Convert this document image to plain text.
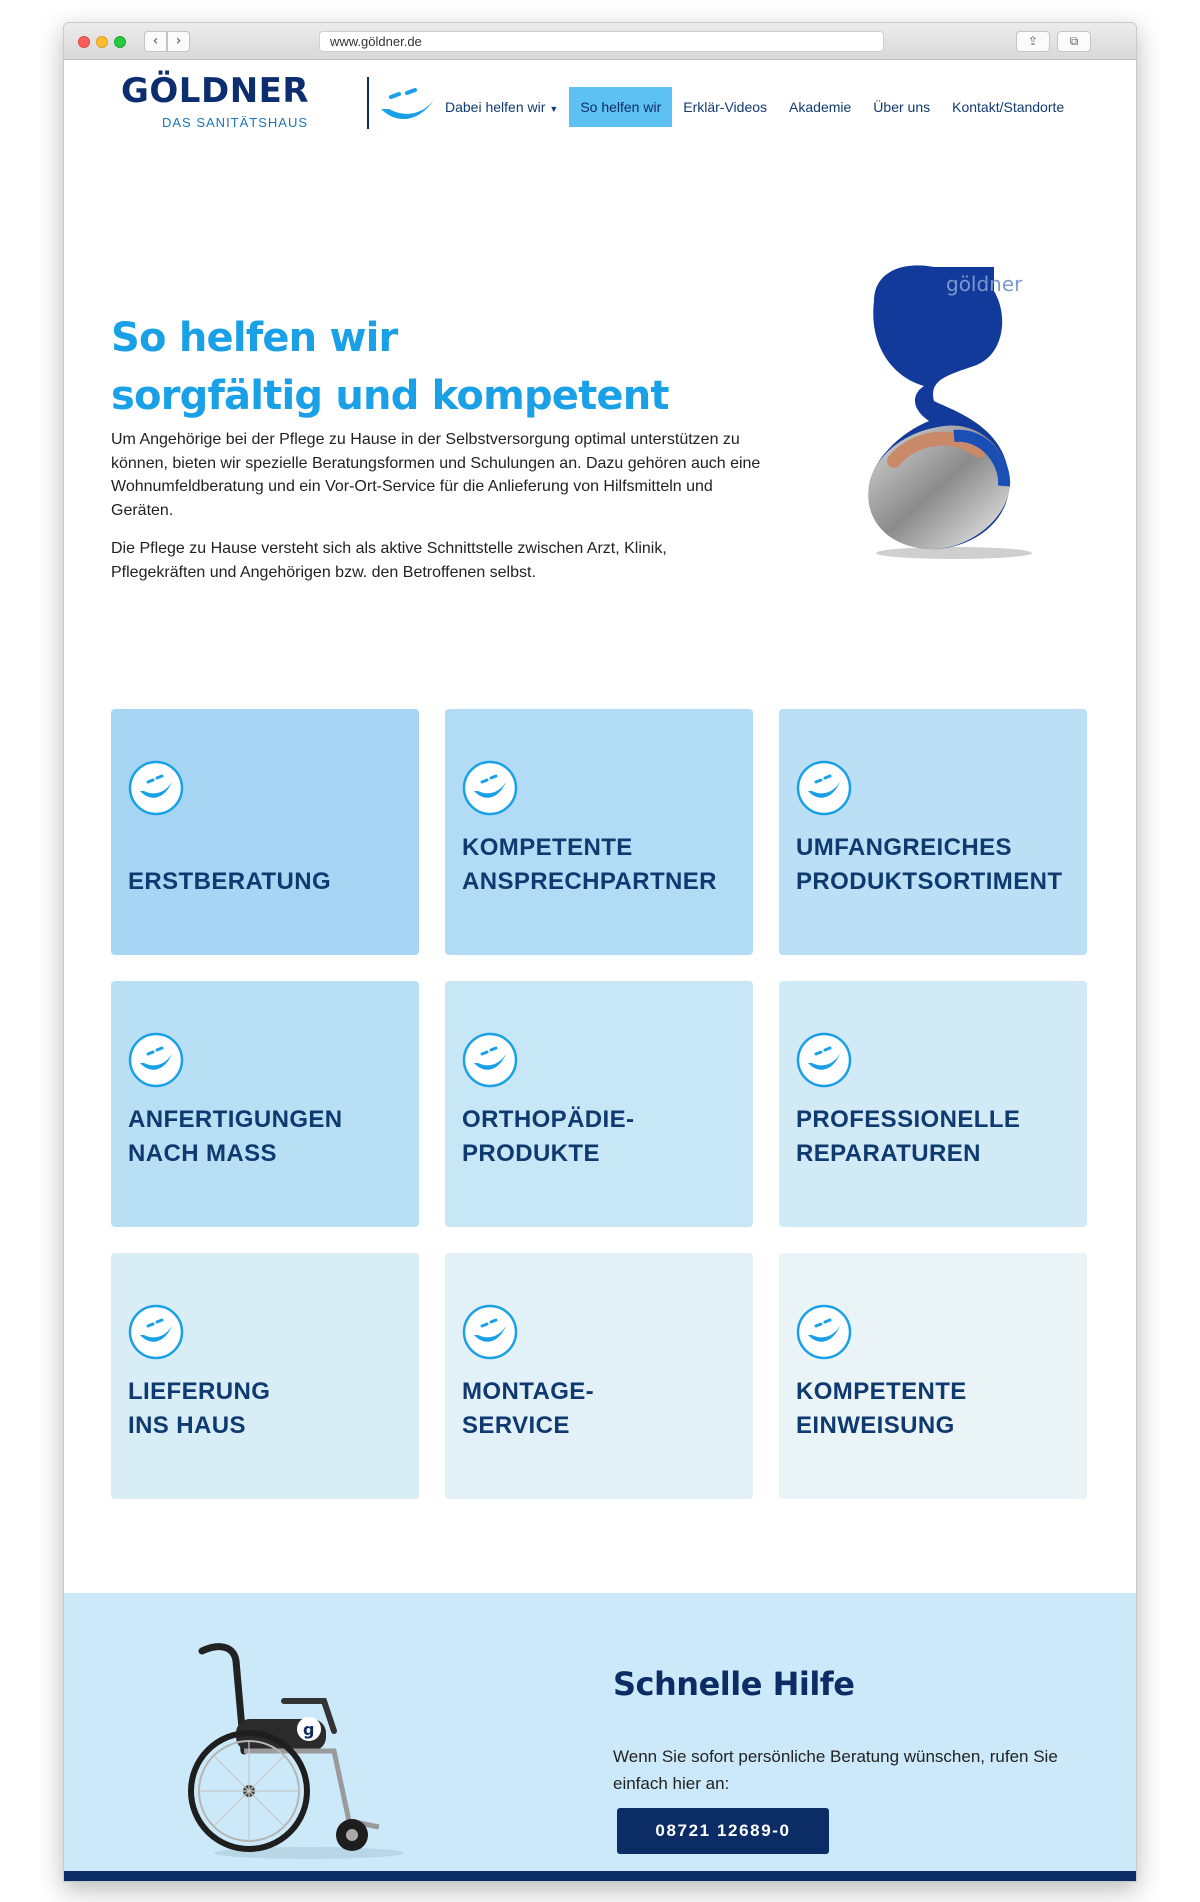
‹	›	www.göldner.de	⇪	⧉
GÖLDNER
DAS SANITÄTSHAUS
Dabei helfen wir ▼	So helfen wir	Erklär-Videos	Akademie	Über uns	Kontakt/Standorte
So helfen wir
sorgfältig und kompetent

Um Angehörige bei der Pflege zu Hause in der Selbstversorgung optimal unterstützen zu können, bieten wir spezielle Beratungsformen und Schulungen an. Dazu gehören auch eine Wohnumfeldberatung und ein Vor-Ort-Service für die Anlieferung von Hilfsmitteln und Geräten.

Die Pflege zu Hause versteht sich als aktive Schnittstelle zwischen Arzt, Klinik, Pflegekräften und Angehörigen bzw. den Betroffenen selbst.

göldner

ERSTBERATUNG
KOMPETENTE
ANSPRECHPARTNER
UMFANGREICHES
PRODUKTSORTIMENT
ANFERTIGUNGEN
NACH MASS
ORTHOPÄDIE-
PRODUKTE
PROFESSIONELLE
REPARATUREN
LIEFERUNG
INS HAUS
MONTAGE-
SERVICE
KOMPETENTE
EINWEISUNG
g
Schnelle Hilfe

Wenn Sie sofort persönliche Beratung wünschen, rufen Sie einfach hier an:

08721 12689-0
